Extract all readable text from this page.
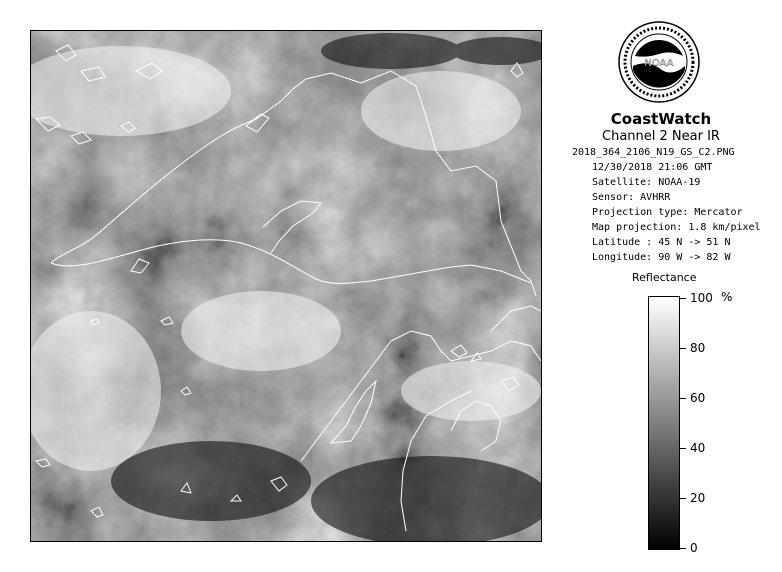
NOAA
CoastWatch
Channel 2 Near IR
2018_364_2106_N19_GS_C2.PNG
12/30/2018 21:06 GMT
Satellite: NOAA-19
Sensor: AVHRR
Projection type: Mercator
Map projection: 1.8 km/pixel
Latitude : 45 N -> 51 N
Longitude: 90 W -> 82 W
Reflectance
%
100
80
60
40
20
0
